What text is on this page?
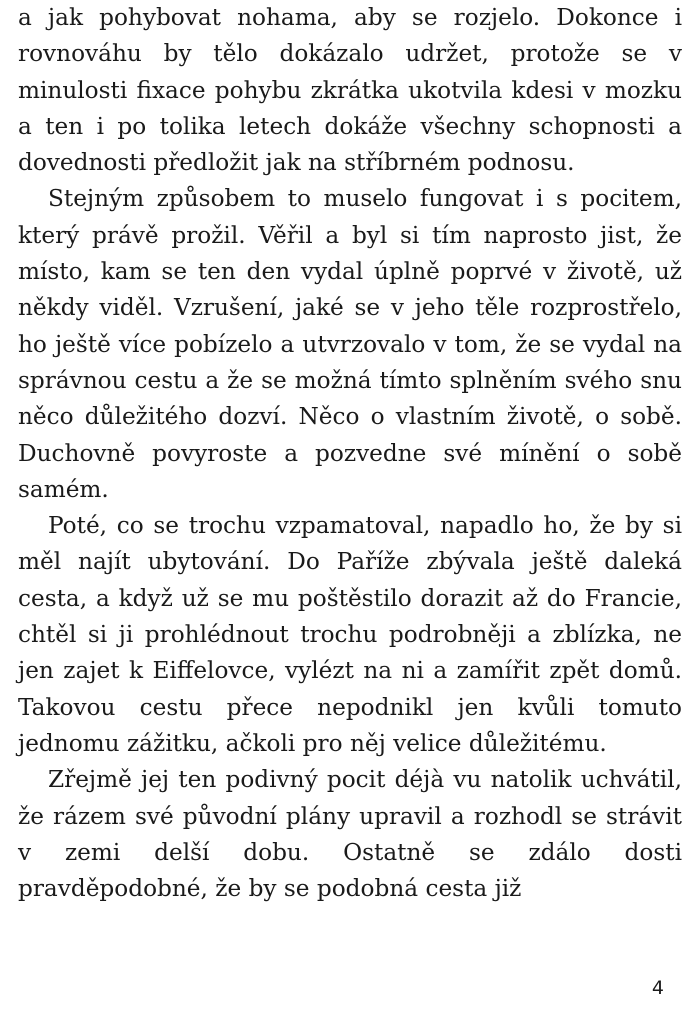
a jak pohybovat nohama, aby se rozjelo. Dokonce i rovnováhu by tělo dokázalo udržet, protože se v minulosti fixace pohybu zkrátka ukotvila kdesi v mozku a ten i po tolika letech dokáže všechny schopnosti a dovednosti předložit jak na stříbrném podnosu.

Stejným způsobem to muselo fungovat i s pocitem, který právě prožil. Věřil a byl si tím naprosto jist, že místo, kam se ten den vydal úplně poprvé v životě, už někdy viděl. Vzrušení, jaké se v jeho těle rozprostřelo, ho ještě více pobízelo a utvrzovalo v tom, že se vydal na správnou cestu a že se možná tímto splněním svého snu něco důležitého dozví. Něco o vlastním životě, o sobě. Duchovně povyroste a pozvedne své mínění o sobě samém.

Poté, co se trochu vzpamatoval, napadlo ho, že by si měl najít ubytování. Do Paříže zbývala ještě daleká cesta, a když už se mu poštěstilo dorazit až do Francie, chtěl si ji prohlédnout trochu podrobněji a zblízka, ne jen zajet k Eiffelovce, vylézt na ni a zamířit zpět domů. Takovou cestu přece nepodnikl jen kvůli tomuto jednomu zážitku, ačkoli pro něj velice důležitému.

Zřejmě jej ten podivný pocit déjà vu natolik uchvátil, že rázem své původní plány upravil a rozhodl se strávit v zemi delší dobu. Ostatně se zdálo dosti pravděpodobné, že by se podobná cesta již

4
